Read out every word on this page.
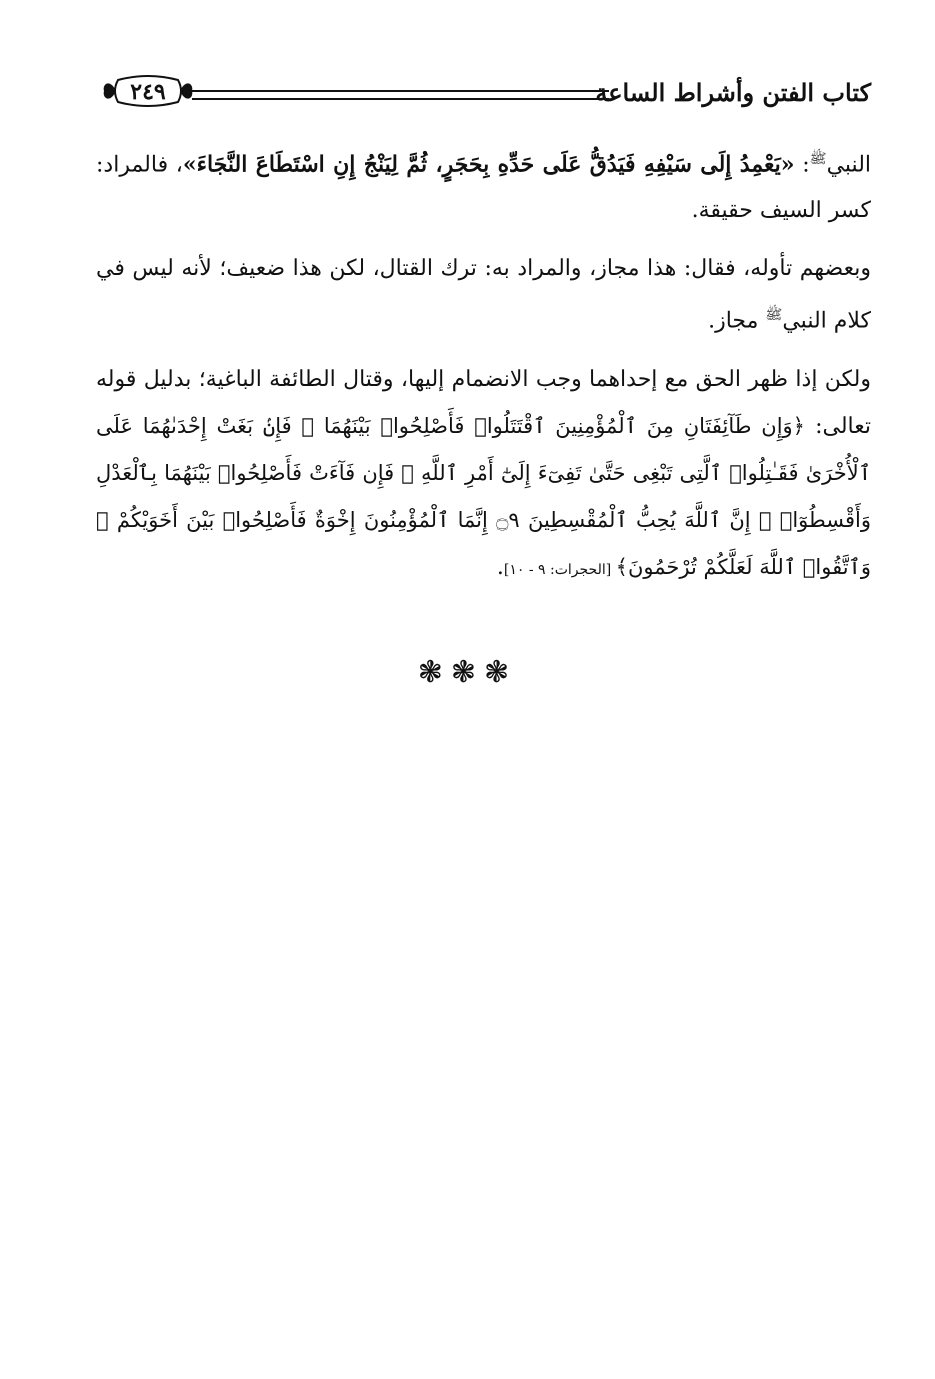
كتاب الفتن وأشراط الساعة
٢٤٩

النبي$^ﷺ$: «يَعْمِدُ إِلَى سَيْفِهِ فَيَدُقُّ عَلَى حَدِّهِ بِحَجَرٍ، ثُمَّ لِيَنْجُ إِنِ اسْتَطَاعَ النَّجَاءَ»، فالمراد: كسر السيف حقيقة.

وبعضهم تأوله، فقال: هذا مجاز، والمراد به: ترك القتال، لكن هذا ضعيف؛ لأنه ليس في كلام النبي$^ﷺ$ مجاز.

ولكن إذا ظهر الحق مع إحداهما وجب الانضمام إليها، وقتال الطائفة الباغية؛ بدليل قوله تعالى: ﴿وَإِن طَآئِفَتَانِ مِنَ ٱلْمُؤْمِنِينَ ٱقْتَتَلُوا۟ فَأَصْلِحُوا۟ بَيْنَهُمَا ۖ فَإِنۢ بَغَتْ إِحْدَىٰهُمَا عَلَى ٱلْأُخْرَىٰ فَقَـٰتِلُوا۟ ٱلَّتِى تَبْغِى حَتَّىٰ تَفِىٓءَ إِلَىٰٓ أَمْرِ ٱللَّهِ ۚ فَإِن فَآءَتْ فَأَصْلِحُوا۟ بَيْنَهُمَا بِٱلْعَدْلِ وَأَقْسِطُوٓا۟ ۖ إِنَّ ٱللَّهَ يُحِبُّ ٱلْمُقْسِطِينَ ۝٩ إِنَّمَا ٱلْمُؤْمِنُونَ إِخْوَةٌ فَأَصْلِحُوا۟ بَيْنَ أَخَوَيْكُمْ ۚ وَٱتَّقُوا۟ ٱللَّهَ لَعَلَّكُمْ تُرْحَمُونَ﴾ [الحجرات: ٩ - ١٠].

❃❃❃
